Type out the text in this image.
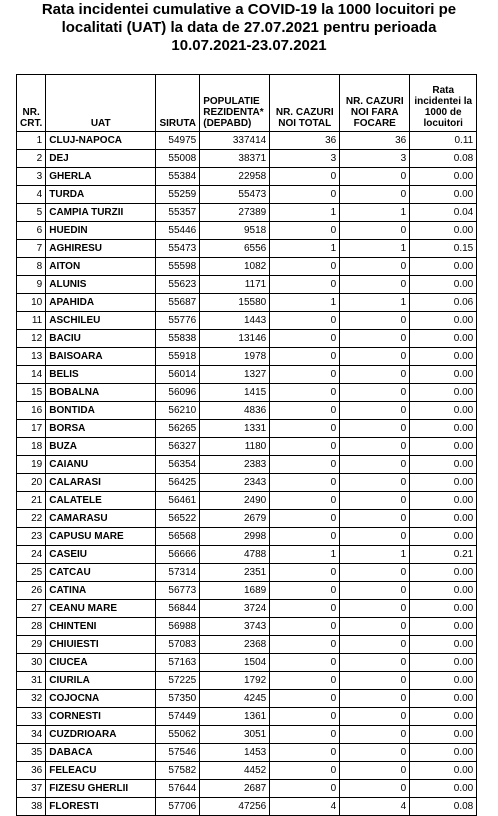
Rata incidentei cumulative a COVID-19 la 1000 locuitori pe
localitati (UAT) la data de 27.07.2021 pentru perioada
10.07.2021-23.07.2021
NR. CRT.	UAT	SIRUTA	POPULATIE REZIDENTA* (DEPABD)	NR. CAZURI NOI TOTAL	NR. CAZURI NOI FARA FOCARE	Rata incidentei la 1000 de locuitori
1	CLUJ-NAPOCA	54975	337414	36	36	0.11
2	DEJ	55008	38371	3	3	0.08
3	GHERLA	55384	22958	0	0	0.00
4	TURDA	55259	55473	0	0	0.00
5	CAMPIA TURZII	55357	27389	1	1	0.04
6	HUEDIN	55446	9518	0	0	0.00
7	AGHIRESU	55473	6556	1	1	0.15
8	AITON	55598	1082	0	0	0.00
9	ALUNIS	55623	1171	0	0	0.00
10	APAHIDA	55687	15580	1	1	0.06
11	ASCHILEU	55776	1443	0	0	0.00
12	BACIU	55838	13146	0	0	0.00
13	BAISOARA	55918	1978	0	0	0.00
14	BELIS	56014	1327	0	0	0.00
15	BOBALNA	56096	1415	0	0	0.00
16	BONTIDA	56210	4836	0	0	0.00
17	BORSA	56265	1331	0	0	0.00
18	BUZA	56327	1180	0	0	0.00
19	CAIANU	56354	2383	0	0	0.00
20	CALARASI	56425	2343	0	0	0.00
21	CALATELE	56461	2490	0	0	0.00
22	CAMARASU	56522	2679	0	0	0.00
23	CAPUSU MARE	56568	2998	0	0	0.00
24	CASEIU	56666	4788	1	1	0.21
25	CATCAU	57314	2351	0	0	0.00
26	CATINA	56773	1689	0	0	0.00
27	CEANU MARE	56844	3724	0	0	0.00
28	CHINTENI	56988	3743	0	0	0.00
29	CHIUIESTI	57083	2368	0	0	0.00
30	CIUCEA	57163	1504	0	0	0.00
31	CIURILA	57225	1792	0	0	0.00
32	COJOCNA	57350	4245	0	0	0.00
33	CORNESTI	57449	1361	0	0	0.00
34	CUZDRIOARA	55062	3051	0	0	0.00
35	DABACA	57546	1453	0	0	0.00
36	FELEACU	57582	4452	0	0	0.00
37	FIZESU GHERLII	57644	2687	0	0	0.00
38	FLORESTI	57706	47256	4	4	0.08
